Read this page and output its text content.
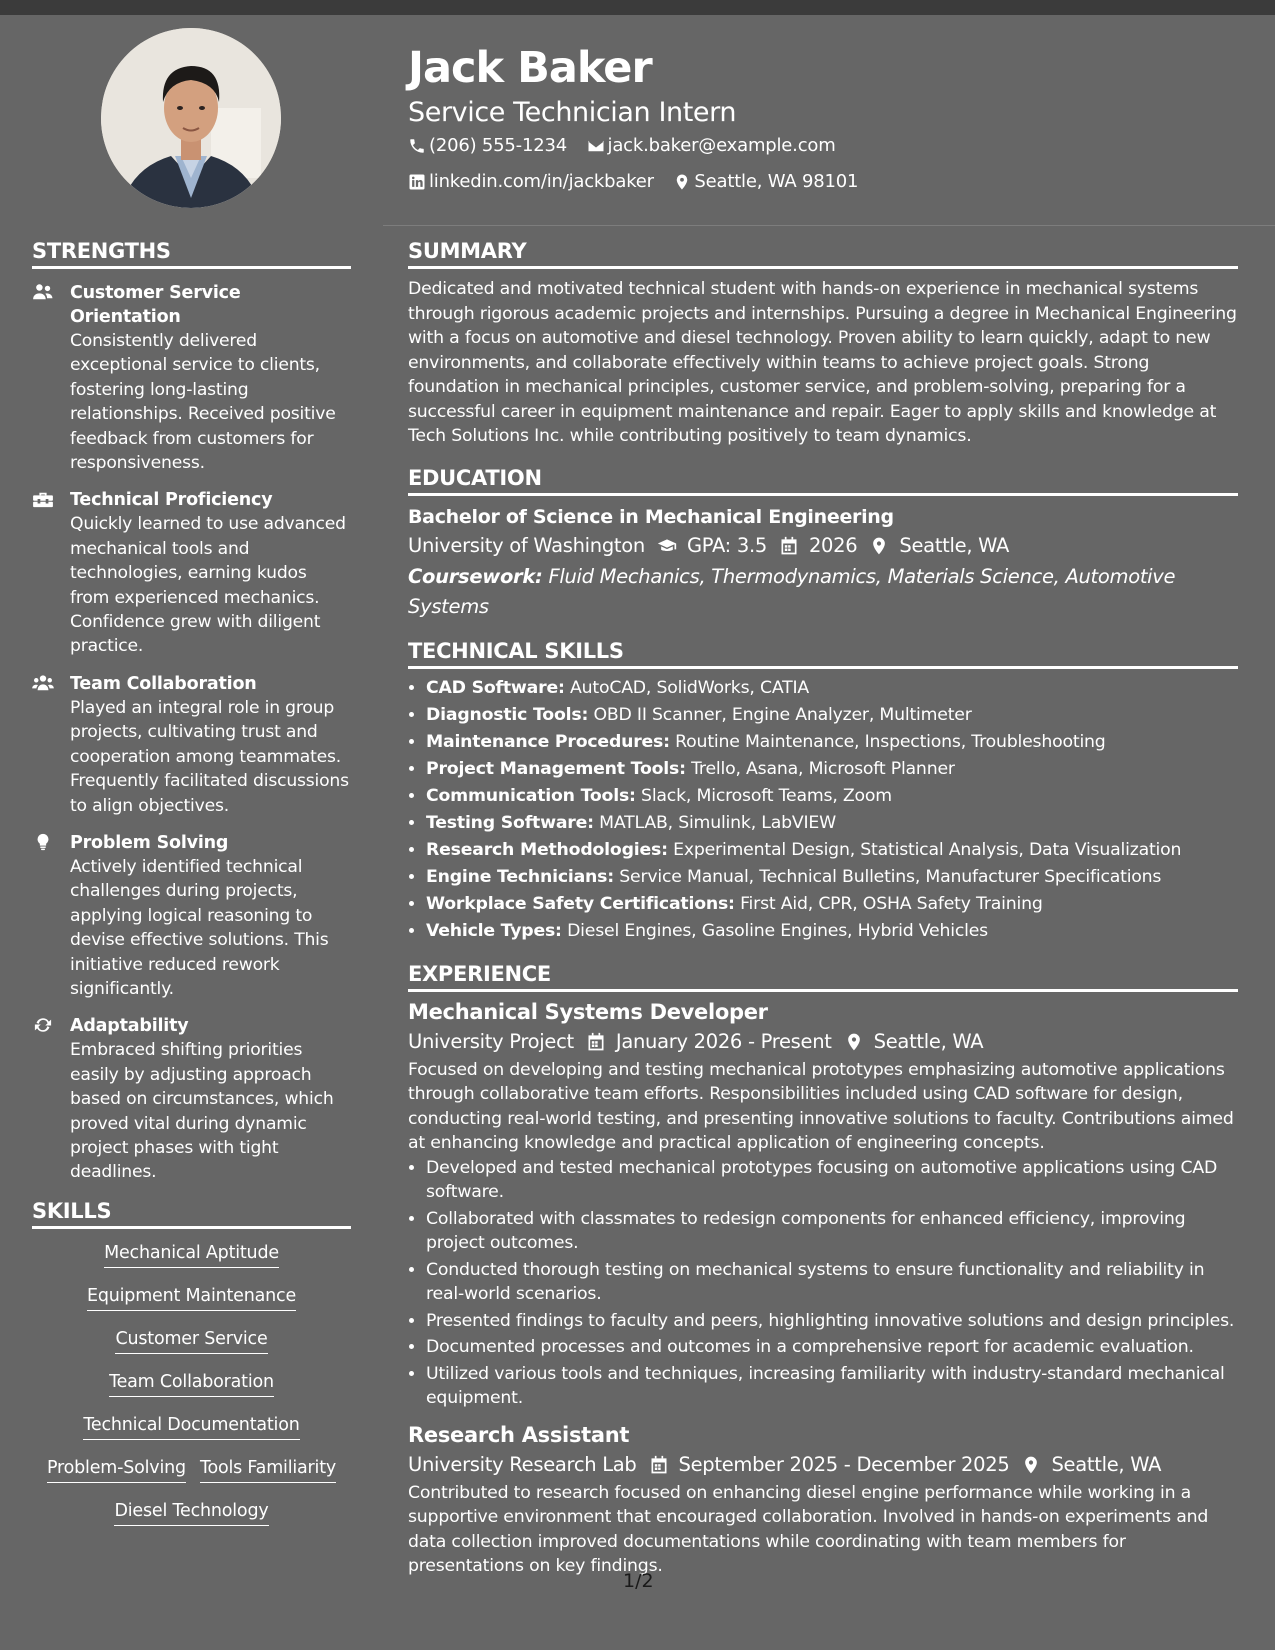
Jack Baker
Service Technician Intern
(206) 555-1234
jack.baker@example.com
linkedin.com/in/jackbaker
Seattle, WA 98101
STRENGTHS
Customer Service Orientation
Consistently delivered exceptional service to clients, fostering long-lasting relationships. Received positive feedback from customers for responsiveness.
Technical Proficiency
Quickly learned to use advanced mechanical tools and technologies, earning kudos from experienced mechanics. Confidence grew with diligent practice.
Team Collaboration
Played an integral role in group projects, cultivating trust and cooperation among teammates. Frequently facilitated discussions to align objectives.
Problem Solving
Actively identified technical challenges during projects, applying logical reasoning to devise effective solutions. This initiative reduced rework significantly.
Adaptability
Embraced shifting priorities easily by adjusting approach based on circumstances, which proved vital during dynamic project phases with tight deadlines.
SKILLS
Mechanical Aptitude
Equipment Maintenance
Customer Service
Team Collaboration
Technical Documentation
Problem-Solving Tools Familiarity
Diesel Technology
SUMMARY

Dedicated and motivated technical student with hands-on experience in mechanical systems through rigorous academic projects and internships. Pursuing a degree in Mechanical Engineering with a focus on automotive and diesel technology. Proven ability to learn quickly, adapt to new environments, and collaborate effectively within teams to achieve project goals. Strong foundation in mechanical principles, customer service, and problem-solving, preparing for a successful career in equipment maintenance and repair. Eager to apply skills and knowledge at Tech Solutions Inc. while contributing positively to team dynamics.

EDUCATION
Bachelor of Science in Mechanical Engineering
University of Washington GPA: 3.5 2026 Seattle, WA
Coursework: Fluid Mechanics, Thermodynamics, Materials Science, Automotive Systems
TECHNICAL SKILLS
• CAD Software: AutoCAD, SolidWorks, CATIA
• Diagnostic Tools: OBD II Scanner, Engine Analyzer, Multimeter
• Maintenance Procedures: Routine Maintenance, Inspections, Troubleshooting
• Project Management Tools: Trello, Asana, Microsoft Planner
• Communication Tools: Slack, Microsoft Teams, Zoom
• Testing Software: MATLAB, Simulink, LabVIEW
• Research Methodologies: Experimental Design, Statistical Analysis, Data Visualization
• Engine Technicians: Service Manual, Technical Bulletins, Manufacturer Specifications
• Workplace Safety Certifications: First Aid, CPR, OSHA Safety Training
• Vehicle Types: Diesel Engines, Gasoline Engines, Hybrid Vehicles
EXPERIENCE
Mechanical Systems Developer
University Project January 2026 - Present Seattle, WA

Focused on developing and testing mechanical prototypes emphasizing automotive applications through collaborative team efforts. Responsibilities included using CAD software for design, conducting real-world testing, and presenting innovative solutions to faculty. Contributions aimed at enhancing knowledge and practical application of engineering concepts.

• Developed and tested mechanical prototypes focusing on automotive applications using CAD software.
• Collaborated with classmates to redesign components for enhanced efficiency, improving project outcomes.
• Conducted thorough testing on mechanical systems to ensure functionality and reliability in real-world scenarios.
• Presented findings to faculty and peers, highlighting innovative solutions and design principles.
• Documented processes and outcomes in a comprehensive report for academic evaluation.
• Utilized various tools and techniques, increasing familiarity with industry-standard mechanical equipment.
Research Assistant
University Research Lab September 2025 - December 2025 Seattle, WA

Contributed to research focused on enhancing diesel engine performance while working in a supportive environment that encouraged collaboration. Involved in hands-on experiments and data collection improved documentations while coordinating with team members for presentations on key findings.

1/2
